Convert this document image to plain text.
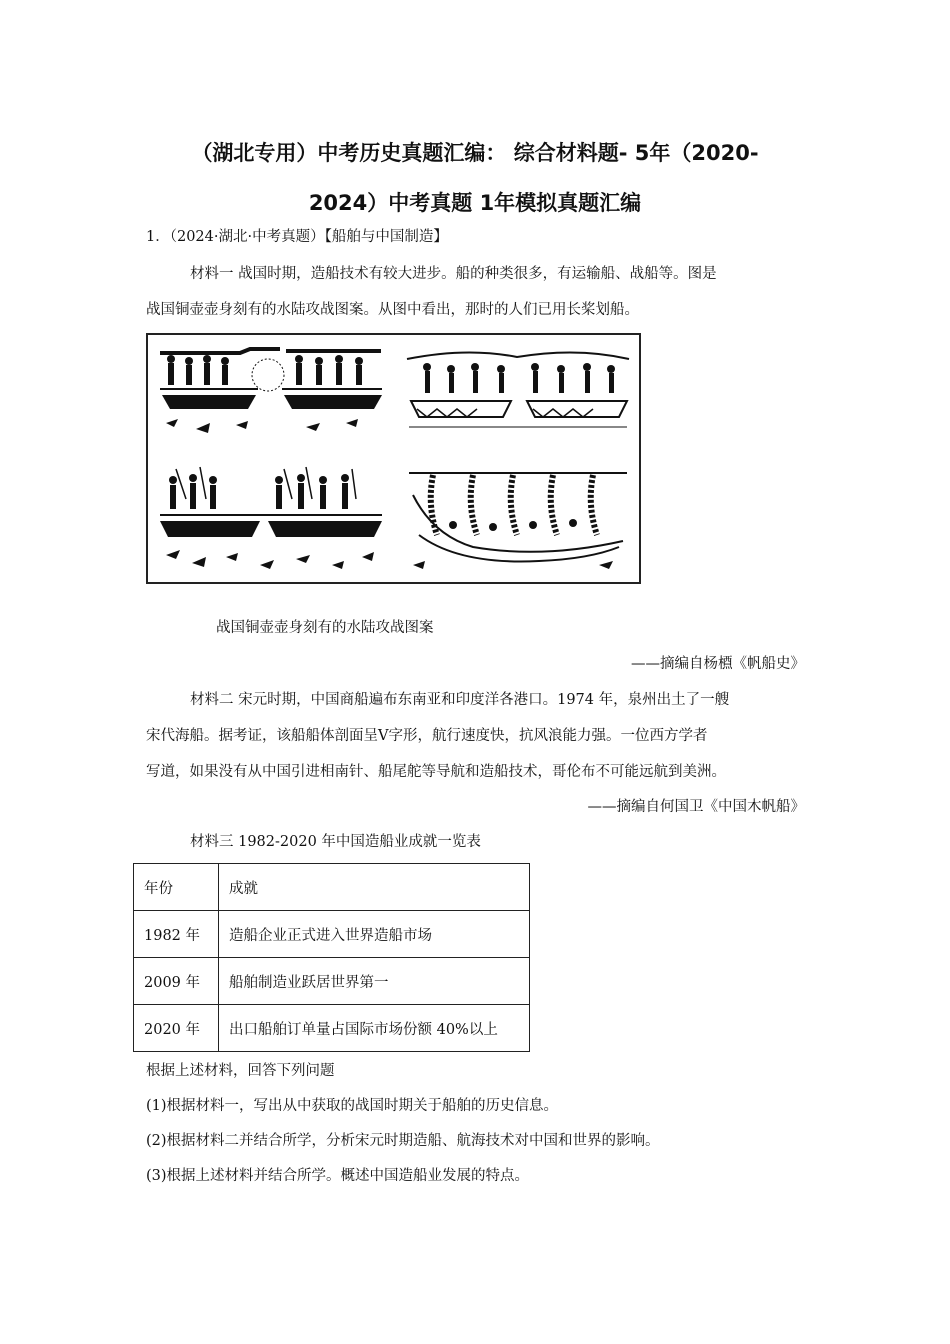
（湖北专用）中考历史真题汇编： 综合材料题- 5年（2020-
2024）中考真题 1年模拟真题汇编
1．（2024·湖北·中考真题）【船舶与中国制造】
材料一 战国时期，造船技术有较大进步。船的种类很多，有运输船、战船等。图是
战国铜壶壶身刻有的水陆攻战图案。从图中看出，那时的人们已用长桨划船。
战国铜壶壶身刻有的水陆攻战图案
——摘编自杨槱《帆船史》
材料二 宋元时期，中国商船遍布东南亚和印度洋各港口。1974 年，泉州出土了一艘
宋代海船。据考证，该船船体剖面呈V字形，航行速度快，抗风浪能力强。一位西方学者
写道，如果没有从中国引进相南针、船尾舵等导航和造船技术，哥伦布不可能远航到美洲。
——摘编自何国卫《中国木帆船》
材料三 1982-2020 年中国造船业成就一览表
年份	成就
1982 年	造船企业正式进入世界造船市场
2009 年	船舶制造业跃居世界第一
2020 年	出口船舶订单量占国际市场份额 40%以上
根据上述材料，回答下列问题
(1)根据材料一，写出从中获取的战国时期关于船舶的历史信息。
(2)根据材料二并结合所学，分析宋元时期造船、航海技术对中国和世界的影响。
(3)根据上述材料并结合所学。概述中国造船业发展的特点。
